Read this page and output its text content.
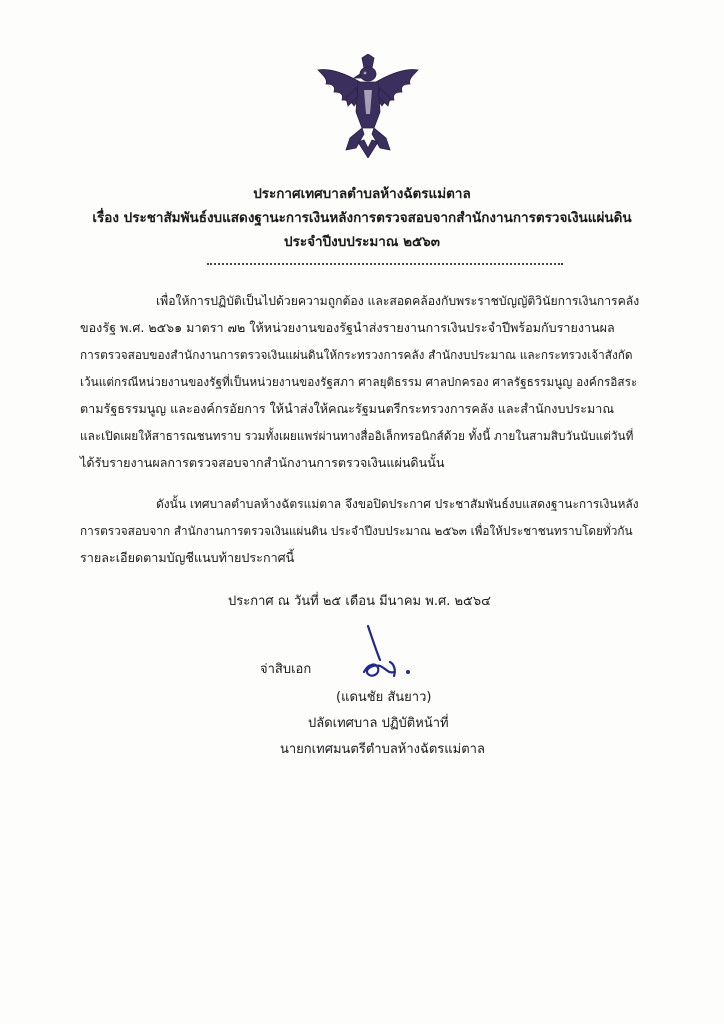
ประกาศเทศบาลตำบลห้างฉัตรแม่ตาล
เรื่อง ประชาสัมพันธ์งบแสดงฐานะการเงินหลังการตรวจสอบจากสำนักงานการตรวจเงินแผ่นดิน
ประจำปีงบประมาณ ๒๕๖๓
เพื่อให้การปฏิบัติเป็นไปด้วยความถูกต้อง และสอดคล้องกับพระราชบัญญัติวินัยการเงินการคลัง
ของรัฐ พ.ศ. ๒๕๖๑ มาตรา ๗๒ ให้หน่วยงานของรัฐนำส่งรายงานการเงินประจำปีพร้อมกับรายงานผล
การตรวจสอบของสำนักงานการตรวจเงินแผ่นดินให้กระทรวงการคลัง สำนักงบประมาณ และกระทรวงเจ้าสังกัด
เว้นแต่กรณีหน่วยงานของรัฐที่เป็นหน่วยงานของรัฐสภา ศาลยุติธรรม ศาลปกครอง ศาลรัฐธรรมนูญ องค์กรอิสระ
ตามรัฐธรรมนูญ และองค์กรอัยการ ให้นำส่งให้คณะรัฐมนตรีกระทรวงการคลัง และสำนักงบประมาณ
และเปิดเผยให้สาธารณชนทราบ รวมทั้งเผยแพร่ผ่านทางสื่ออิเล็กทรอนิกส์ด้วย ทั้งนี้ ภายในสามสิบวันนับแต่วันที่
ได้รับรายงานผลการตรวจสอบจากสำนักงานการตรวจเงินแผ่นดินนั้น
ดังนั้น เทศบาลตำบลห้างฉัตรแม่ตาล จึงขอปิดประกาศ ประชาสัมพันธ์งบแสดงฐานะการเงินหลัง
การตรวจสอบจาก สำนักงานการตรวจเงินแผ่นดิน ประจำปีงบประมาณ ๒๕๖๓ เพื่อให้ประชาชนทราบโดยทั่วกัน
รายละเอียดตามบัญชีแนบท้ายประกาศนี้
ประกาศ ณ วันที่ ๒๕ เดือน มีนาคม พ.ศ. ๒๕๖๔
จ่าสิบเอก
(แดนชัย สันยาว)
ปลัดเทศบาล ปฏิบัติหน้าที่
นายกเทศมนตรีตำบลห้างฉัตรแม่ตาล
